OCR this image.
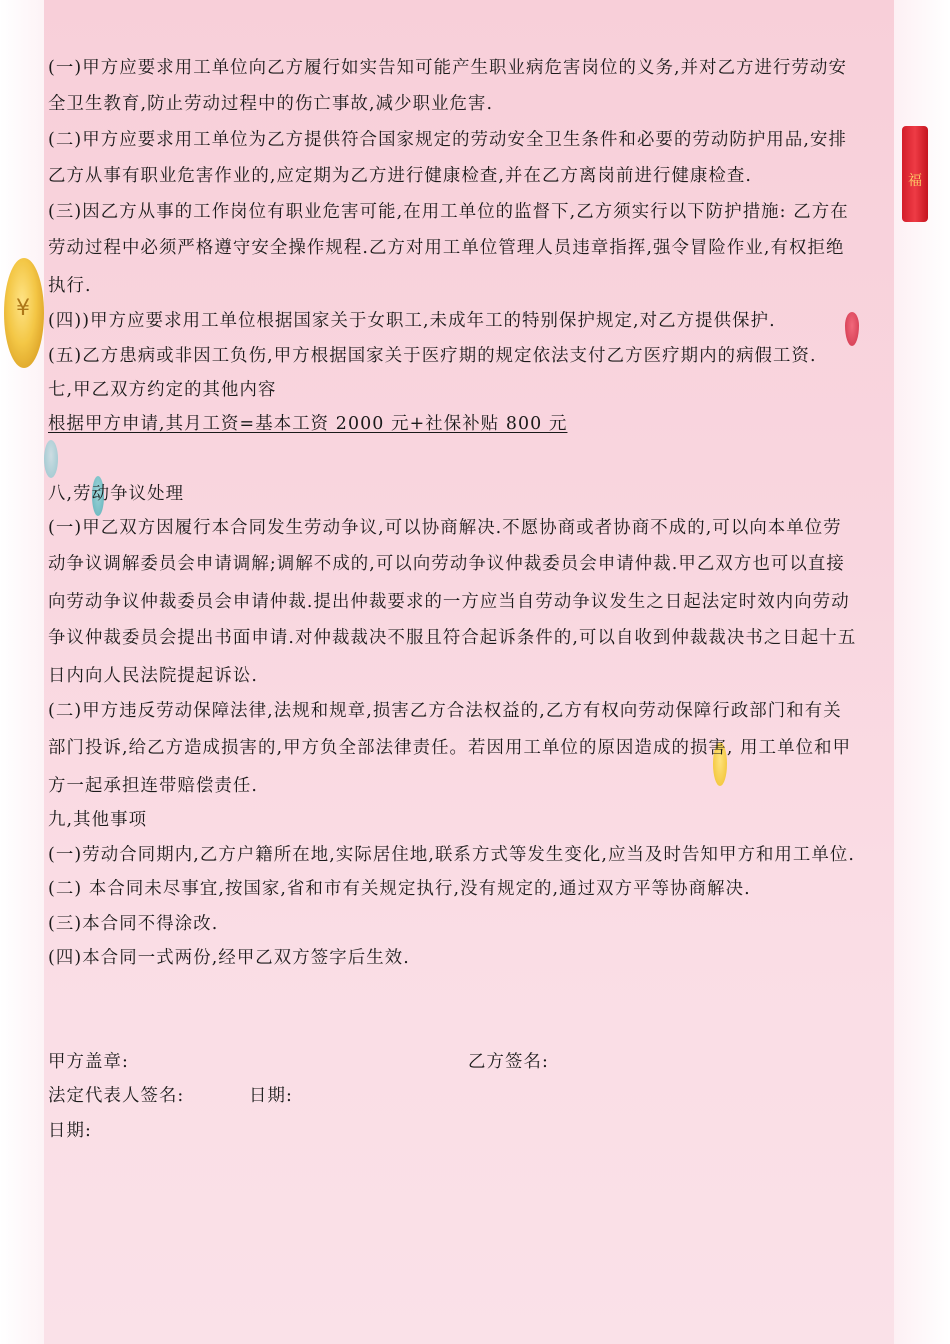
¥
福
(一)甲方应要求用工单位向乙方履行如实告知可能产生职业病危害岗位的义务,并对乙方进行劳动安
全卫生教育,防止劳动过程中的伤亡事故,减少职业危害.
(二)甲方应要求用工单位为乙方提供符合国家规定的劳动安全卫生条件和必要的劳动防护用品,安排
乙方从事有职业危害作业的,应定期为乙方进行健康检查,并在乙方离岗前进行健康检查.
(三)因乙方从事的工作岗位有职业危害可能,在用工单位的监督下,乙方须实行以下防护措施: 乙方在
劳动过程中必须严格遵守安全操作规程.乙方对用工单位管理人员违章指挥,强令冒险作业,有权拒绝
执行.
(四))甲方应要求用工单位根据国家关于女职工,未成年工的特别保护规定,对乙方提供保护.
(五)乙方患病或非因工负伤,甲方根据国家关于医疗期的规定依法支付乙方医疗期内的病假工资.
七,甲乙双方约定的其他内容
根据甲方申请,其月工资=基本工资 2000 元+社保补贴 800 元
八,劳动争议处理
(一)甲乙双方因履行本合同发生劳动争议,可以协商解决.不愿协商或者协商不成的,可以向本单位劳
动争议调解委员会申请调解;调解不成的,可以向劳动争议仲裁委员会申请仲裁.甲乙双方也可以直接
向劳动争议仲裁委员会申请仲裁.提出仲裁要求的一方应当自劳动争议发生之日起法定时效内向劳动
争议仲裁委员会提出书面申请.对仲裁裁决不服且符合起诉条件的,可以自收到仲裁裁决书之日起十五
日内向人民法院提起诉讼.
(二)甲方违反劳动保障法律,法规和规章,损害乙方合法权益的,乙方有权向劳动保障行政部门和有关
部门投诉,给乙方造成损害的,甲方负全部法律责任。若因用工单位的原因造成的损害, 用工单位和甲
方一起承担连带赔偿责任.
九,其他事项
(一)劳动合同期内,乙方户籍所在地,实际居住地,联系方式等发生变化,应当及时告知甲方和用工单位.
(二) 本合同未尽事宜,按国家,省和市有关规定执行,没有规定的,通过双方平等协商解决.
(三)本合同不得涂改.
(四)本合同一式两份,经甲乙双方签字后生效.
甲方盖章:	乙方签名:
法定代表人签名:	日期:
日期:
